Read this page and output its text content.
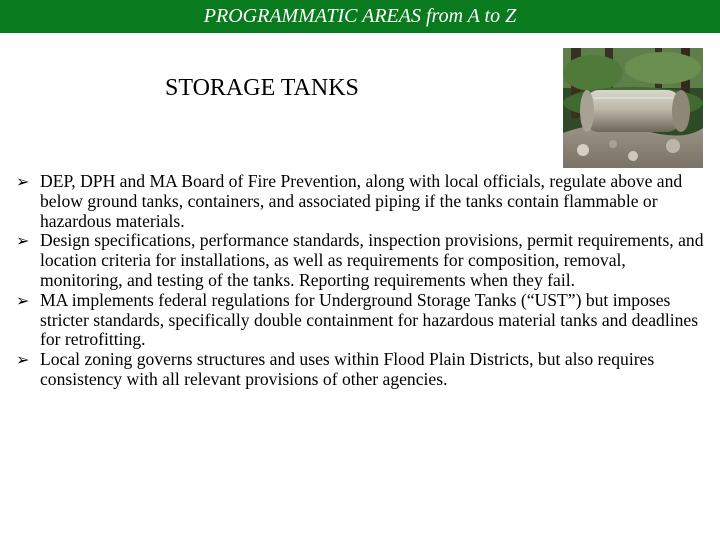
PROGRAMMATIC AREAS from A to Z
STORAGE TANKS
➢ DEP, DPH and MA Board of Fire Prevention, along with local officials, regulate above and below ground tanks, containers, and associated piping if the tanks contain flammable or hazardous materials.
➢ Design specifications, performance standards, inspection provisions, permit requirements, and location criteria for installations, as well as requirements for composition, removal, monitoring, and testing of the tanks. Reporting requirements when they fail.
➢ MA implements federal regulations for Underground Storage Tanks (“UST”) but imposes stricter standards, specifically double containment for hazardous material tanks and deadlines for retrofitting.
➢ Local zoning governs structures and uses within Flood Plain Districts, but also requires consistency with all relevant provisions of other agencies.
